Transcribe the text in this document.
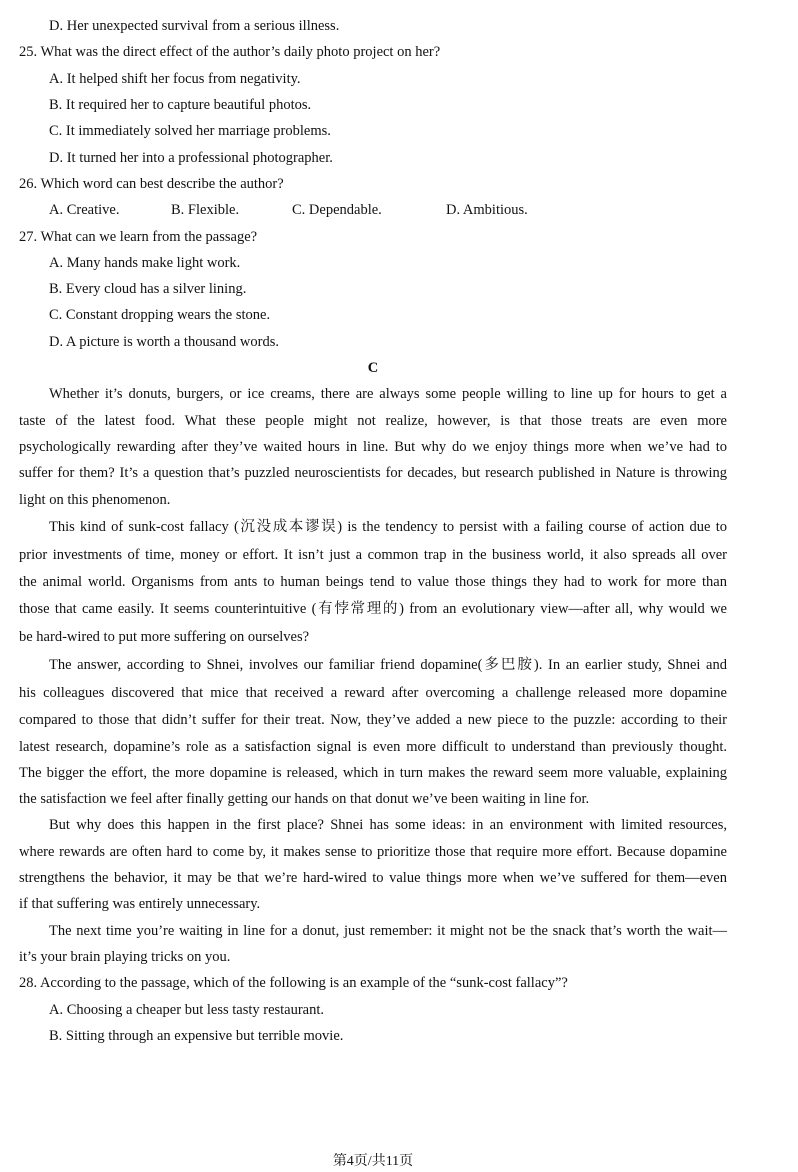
D. Her unexpected survival from a serious illness.
25. What was the direct effect of the author’s daily photo project on her?
A. It helped shift her focus from negativity.
B. It required her to capture beautiful photos.
C. It immediately solved her marriage problems.
D. It turned her into a professional photographer.
26. Which word can best describe the author?
A. Creative.	B. Flexible.	C. Dependable.	D. Ambitious.
27. What can we learn from the passage?
A. Many hands make light work.
B. Every cloud has a silver lining.
C. Constant dropping wears the stone.
D. A picture is worth a thousand words.
C
Whether it’s donuts, burgers, or ice creams, there are always some people willing to line up for hours to get a
taste of the latest food. What these people might not realize, however, is that those treats are even more
psychologically rewarding after they’ve waited hours in line. But why do we enjoy things more when we’ve had to
suffer for them? It’s a question that’s puzzled neuroscientists for decades, but research published in Nature is throwing
light on this phenomenon.
This kind of sunk-cost fallacy (沉没成本谬误) is the tendency to persist with a failing course of action due to
prior investments of time, money or effort. It isn’t just a common trap in the business world, it also spreads all over
the animal world. Organisms from ants to human beings tend to value those things they had to work for more than
those that came easily. It seems counterintuitive (有悖常理的) from an evolutionary view—after all, why would we
be hard-wired to put more suffering on ourselves?
The answer, according to Shnei, involves our familiar friend dopamine(多巴胺). In an earlier study, Shnei and
his colleagues discovered that mice that received a reward after overcoming a challenge released more dopamine
compared to those that didn’t suffer for their treat. Now, they’ve added a new piece to the puzzle: according to their
latest research, dopamine’s role as a satisfaction signal is even more difficult to understand than previously thought.
The bigger the effort, the more dopamine is released, which in turn makes the reward seem more valuable, explaining
the satisfaction we feel after finally getting our hands on that donut we’ve been waiting in line for.
But why does this happen in the first place? Shnei has some ideas: in an environment with limited resources,
where rewards are often hard to come by, it makes sense to prioritize those that require more effort. Because dopamine
strengthens the behavior, it may be that we’re hard-wired to value things more when we’ve suffered for them—even
if that suffering was entirely unnecessary.
The next time you’re waiting in line for a donut, just remember: it might not be the snack that’s worth the wait—
it’s your brain playing tricks on you.
28. According to the passage, which of the following is an example of the “sunk-cost fallacy”?
A. Choosing a cheaper but less tasty restaurant.
B. Sitting through an expensive but terrible movie.
第4页/共11页
